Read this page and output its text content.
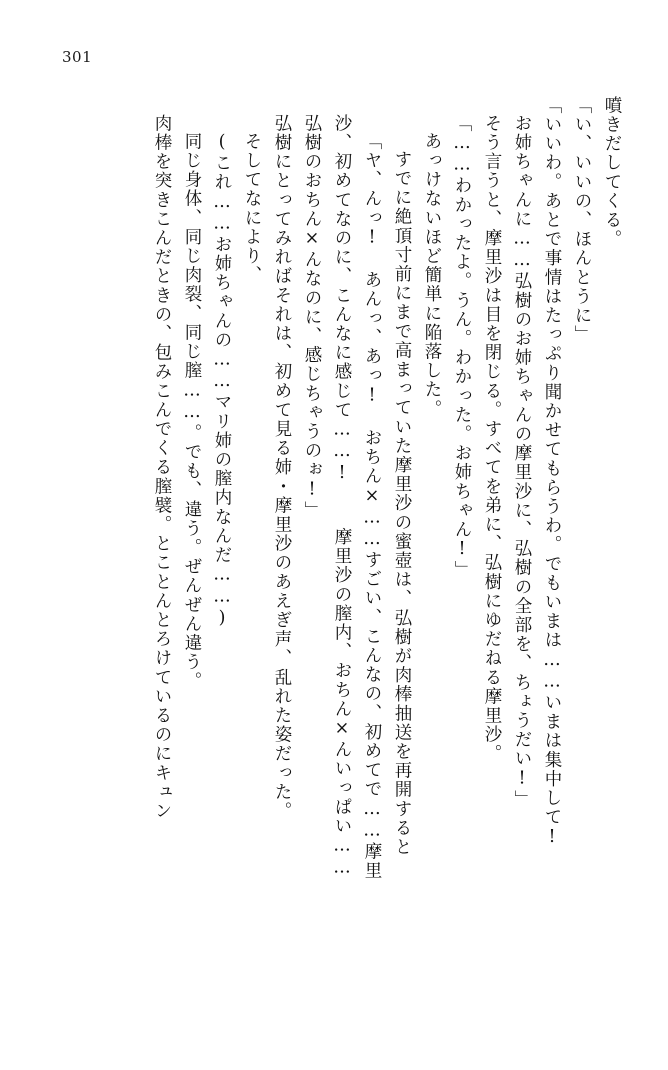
301
噴きだしてくる。
「い、いいの、ほんとうに」
「いいわ。あとで事情はたっぷり聞かせてもらうわ。でもいまは……いまは集中して!
お姉ちゃんに……弘樹のお姉ちゃんの摩里沙に、弘樹の全部を、ちょうだい!」
そう言うと、摩里沙は目を閉じる。すべてを弟に、弘樹にゆだねる摩里沙。
「……わかったよ。うん。わかった。お姉ちゃん!」
あっけないほど簡単に陥落した。
すでに絶頂寸前にまで高まっていた摩里沙の蜜壺は、弘樹が肉棒抽送を再開すると
「ヤ、んっ! あんっ、あっ! おちん×……すごい、こんなの、初めてで……摩里
沙、初めてなのに、こんなに感じて……!  摩里沙の膣内、おちん×んいっぱい……
弘樹のおちん×んなのに、感じちゃうのぉ!」
弘樹にとってみればそれは、初めて見る姉・摩里沙のあえぎ声、乱れた姿だった。
そしてなにより、
(これ……お姉ちゃんの……マリ姉の膣内なんだ……)
同じ身体、同じ肉裂、同じ膣……。でも、違う。ぜんぜん違う。
肉棒を突きこんだときの、包みこんでくる膣襞。とことんとろけているのにキュン
